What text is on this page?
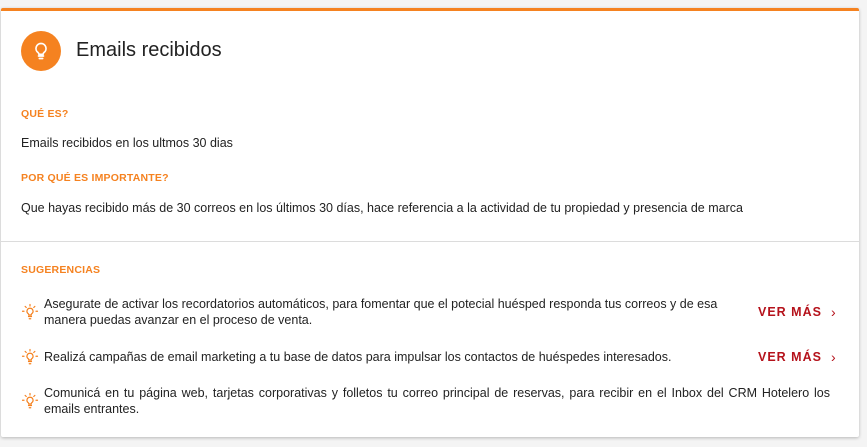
Emails recibidos
QUÉ ES?
Emails recibidos en los ultmos 30 dias
POR QUÉ ES IMPORTANTE?
Que hayas recibido más de 30 correos en los últimos 30 días, hace referencia a la actividad de tu propiedad y presencia de marca
SUGERENCIAS
Asegurate de activar los recordatorios automáticos, para fomentar que el potecial huésped responda tus correos y de esa manera puedas avanzar en el proceso de venta.
VER MÁS ›
Realizá campañas de email marketing a tu base de datos para impulsar los contactos de huéspedes interesados.	VER MÁS ›
Comunicá en tu página web, tarjetas corporativas y folletos tu correo principal de reservas, para recibir en el Inbox del CRM Hotelero los emails entrantes.
